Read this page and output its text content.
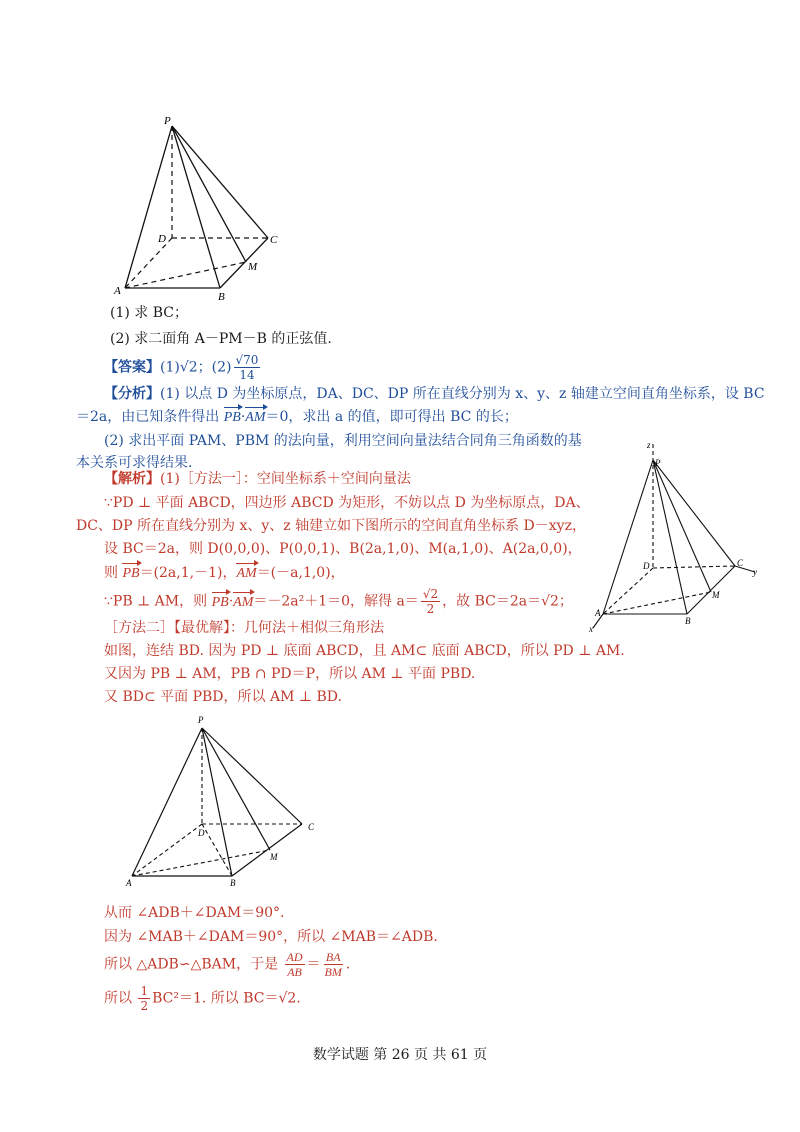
P
D	C
M
A	B
(1) 求 BC；
(2) 求二面角 A－PM－B 的正弦值.
【答案】(1)√2；$(2) \frac{√70}{14}$
【分析】(1) 以点 D 为坐标原点，DA、DC、DP 所在直线分别为 x、y、z 轴建立空间直角坐标系，设 BC
＝2a，由已知条件得出 PB·AM＝0，求出 a 的值，即可得出 BC 的长；
(2) 求出平面 PAM、PBM 的法向量，利用空间向量法结合同角三角函数的基
本关系可求得结果.
z
P
D	C
y
M
A
x
B
【解析】(1)［方法一］：空间坐标系＋空间向量法
∵PD ⊥ 平面 ABCD，四边形 ABCD 为矩形，不妨以点 D 为坐标原点，DA、
DC、DP 所在直线分别为 x、y、z 轴建立如下图所示的空间直角坐标系 D－xyz，
设 BC＝2a，则 D(0,0,0)、P(0,0,1)、B(2a,1,0)、M(a,1,0)、A(2a,0,0)，
则 PB＝(2a,1,－1)，AM＝(－a,1,0)，
∵PB ⊥ AM，则 PB·AM＝－2a²＋1＝0，解得 $a= \frac{√2}{2}$ ，故 BC＝2a＝√2；
［方法二］【最优解】：几何法＋相似三角形法
如图，连结 BD. 因为 PD ⊥ 底面 ABCD，且 AM⊂ 底面 ABCD，所以 PD ⊥ AM.
又因为 PB ⊥ AM，PB ∩ PD＝P，所以 AM ⊥ 平面 PBD.
又 BD⊂ 平面 PBD，所以 AM ⊥ BD.
P
D
C
M
A	B
从而 ∠ADB＋∠DAM＝90°.
因为 ∠MAB＋∠DAM＝90°，所以 ∠MAB＝∠ADB.
所以 △ADB∽△BAM，于是 $\frac{AD}{AB} = \frac{BA}{BM}$ .
所以 $\frac{1}{2} BC^2=1$. 所以 BC＝√2.
数学试题 第 26 页 共 61 页
